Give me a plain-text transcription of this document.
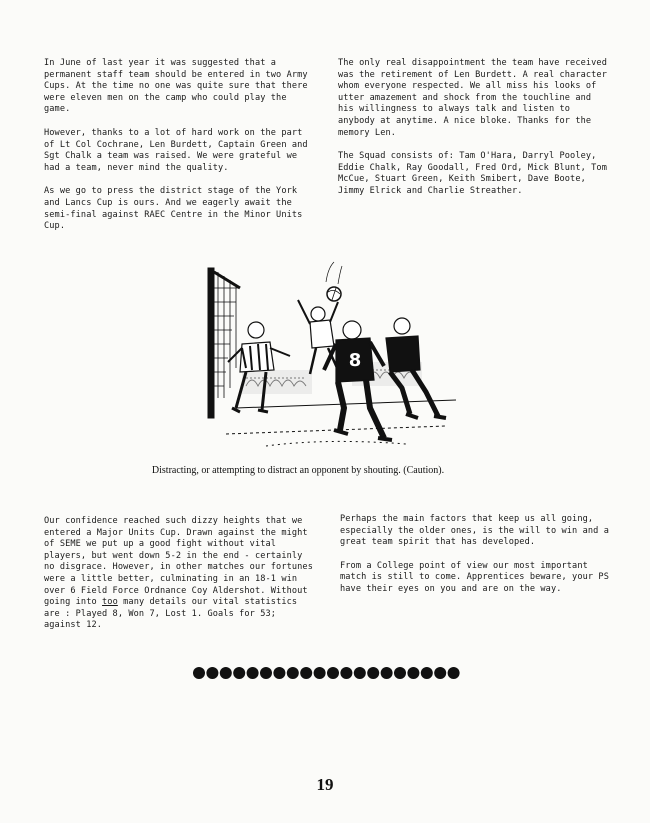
In June of last year it was suggested that a permanent staff team should be entered in two Army Cups. At the time no one was quite sure that there were eleven men on the camp who could play the game.

However, thanks to a lot of hard work on the part of Lt Col Cochrane, Len Burdett, Captain Green and Sgt Chalk a team was raised. We were grateful we had a team, never mind the quality.

As we go to press the district stage of the York and Lancs Cup is ours. And we eagerly await the semi-final against RAEC Centre in the Minor Units Cup.

The only real disappointment the team have received was the retirement of Len Burdett. A real character whom everyone respected. We all miss his looks of utter amazement and shock from the touchline and his willingness to always talk and listen to anybody at anytime. A nice bloke. Thanks for the memory Len.

The Squad consists of: Tam O'Hara, Darryl Pooley, Eddie Chalk, Ray Goodall, Fred Ord, Mick Blunt, Tom McCue, Stuart Green, Keith Smibert, Dave Boote, Jimmy Elrick and Charlie Streather.

8
Distracting, or attempting to distract an opponent by shouting. (Caution).

Our confidence reached such dizzy heights that we entered a Major Units Cup. Drawn against the might of SEME we put up a good fight without vital players, but went down 5-2 in the end - certainly no disgrace. However, in other matches our fortunes were a little better, culminating in an 18-1 win over 6 Field Force Ordnance Coy Aldershot. Without going into too many details our vital statistics are : Played 8, Won 7, Lost 1. Goals for 53; against 12.

Perhaps the main factors that keep us all going, especially the older ones, is the will to win and a great team spirit that has developed.

From a College point of view our most important match is still to come. Apprentices beware, your PS have their eyes on you and are on the way.

19
